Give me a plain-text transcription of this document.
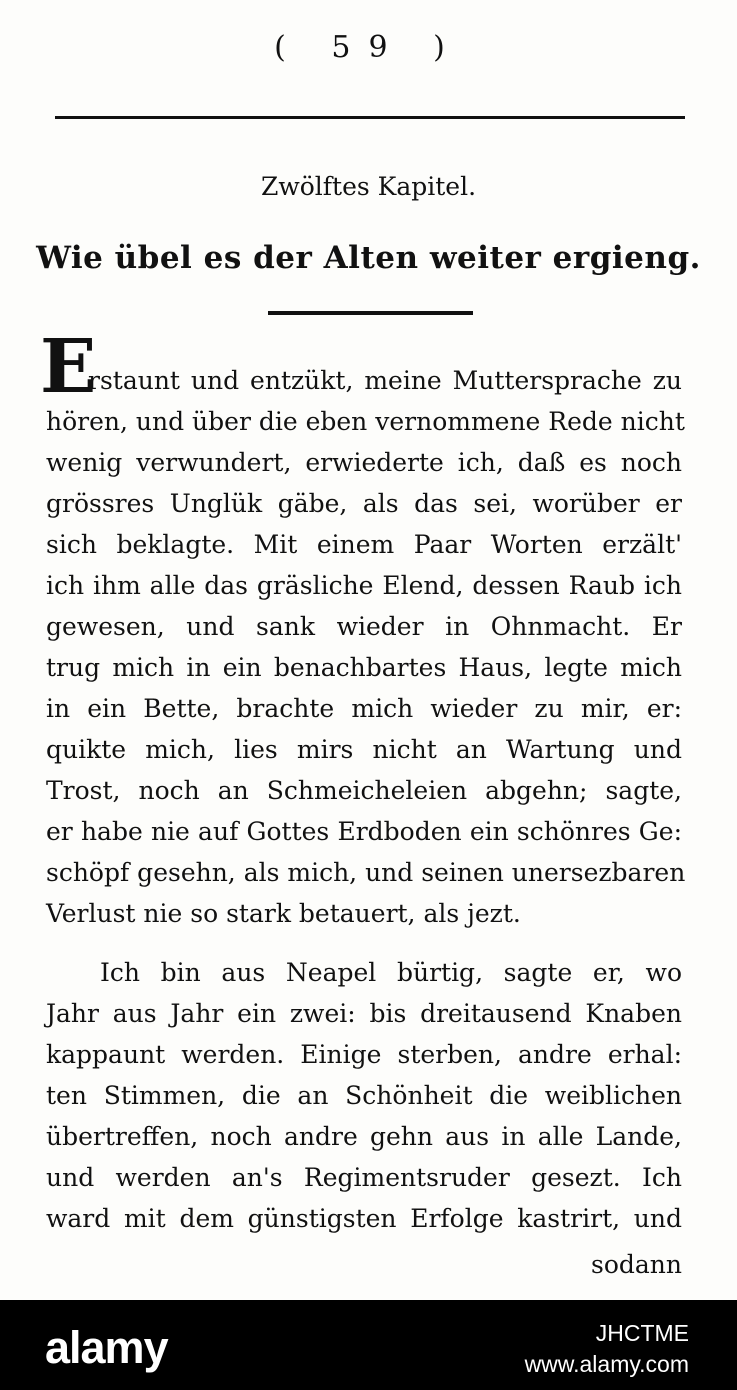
( 59 )
Zwölftes Kapitel.
Wie übel es der Alten weiter ergieng.
E
rstaunt und entzükt, meine Muttersprache zu
hören, und über die eben vernommene Rede nicht
wenig verwundert, erwiederte ich, daß es noch
grössres Unglük gäbe, als das sei, worüber er
sich beklagte. Mit einem Paar Worten erzält'
ich ihm alle das gräsliche Elend, dessen Raub ich
gewesen, und sank wieder in Ohnmacht. Er
trug mich in ein benachbartes Haus, legte mich
in ein Bette, brachte mich wieder zu mir, er:
quikte mich, lies mirs nicht an Wartung und
Trost, noch an Schmeicheleien abgehn; sagte,
er habe nie auf Gottes Erdboden ein schönres Ge:
schöpf gesehn, als mich, und seinen unersezbaren
Verlust nie so stark betauert, als jezt.
Ich bin aus Neapel bürtig, sagte er, wo
Jahr aus Jahr ein zwei: bis dreitausend Knaben
kappaunt werden. Einige sterben, andre erhal:
ten Stimmen, die an Schönheit die weiblichen
übertreffen, noch andre gehn aus in alle Lande,
und werden an's Regimentsruder gesezt. Ich
ward mit dem günstigsten Erfolge kastrirt, und
sodann
alamy	JHCTME
www.alamy.com
